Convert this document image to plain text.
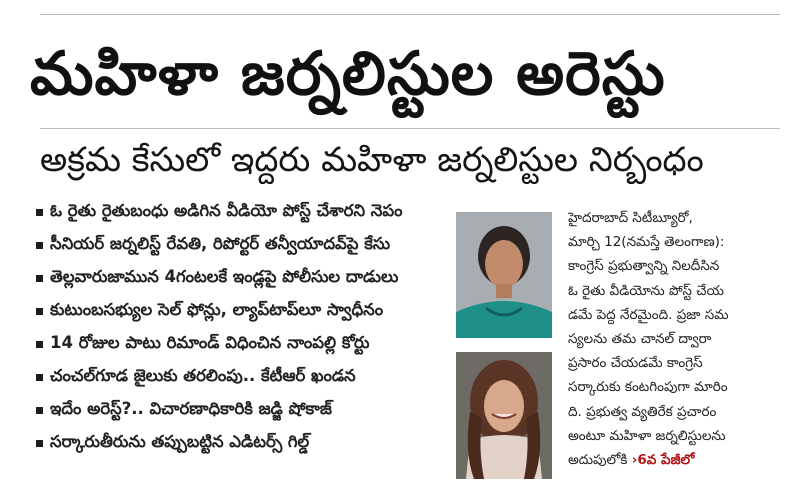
మహిళా జర్నలిస్టుల అరెస్టు
అక్రమ కేసులో ఇద్దరు మహిళా జర్నలిస్టుల నిర్బంధం
ఓ రైతు రైతుబంధు అడిగిన వీడియో పోస్ట్ చేశారని నెపం
సీనియర్ జర్నలిస్ట్ రేవతి, రిపోర్టర్ తన్వీయాదవ్‌పై కేసు
తెల్లవారుజామున 4గంటలకే ఇండ్లపై పోలీసుల దాడులు
కుటుంబసభ్యుల సెల్ ఫోన్లు, ల్యాప్‌టాప్‌లూ స్వాధీనం
14 రోజుల పాటు రిమాండ్ విధించిన నాంపల్లి కోర్టు
చంచల్‌గూడ జైలుకు తరలింపు.. కేటీఆర్ ఖండన
ఇదేం అరెస్ట్?.. విచారణాధికారికి జడ్జి షోకాజ్
సర్కారుతీరును తప్పుబట్టిన ఎడిటర్స్ గిల్డ్
హైదరాబాద్ సిటీబ్యూరో,
మార్చి 12(నమస్తే తెలంగాణ):
కాంగ్రెస్ ప్రభుత్వాన్ని నిలదీసిన
ఓ రైతు వీడియోను పోస్ట్ చేయ
డమే పెద్ద నేరమైంది. ప్రజా సమ
స్యలను తమ చానల్ ద్వారా
ప్రసారం చేయడమే కాంగ్రెస్
సర్కారుకు కంటగింపుగా మారిం
ది. ప్రభుత్వ వ్యతిరేక ప్రచారం
అంటూ మహిళా జర్నలిస్టులను
అదుపులోకి ›6వ పేజీలో
